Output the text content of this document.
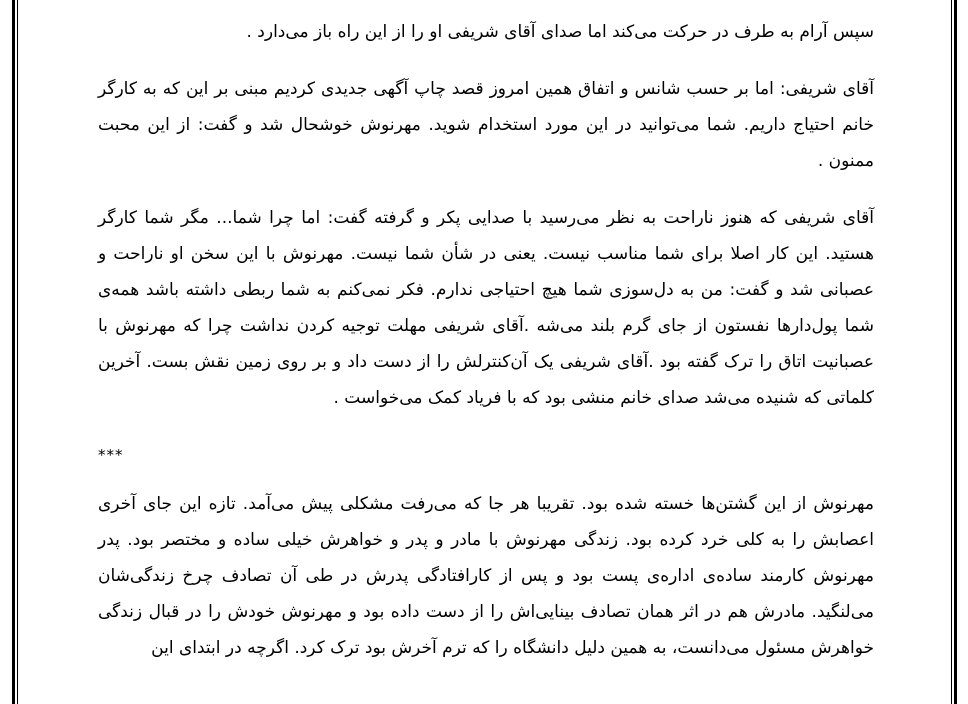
سپس آرام به طرف در حرکت می‌کند اما صدای آقای شریفی او را از این راه باز می‌دارد .

آقای شریفی: اما بر حسب شانس و اتفاق همین امروز قصد چاپ آگهی جدیدی کردیم مبنی بر این که به کارگر خانم احتیاج داریم. شما می‌توانید در این مورد استخدام شوید. مهرنوش خوشحال شد و گفت: از این محبت ممنون .

آقای شریفی که هنوز ناراحت به نظر می‌رسید با صدایی پکر و گرفته گفت: اما چرا شما... مگر شما کارگر هستید. این کار اصلا برای شما مناسب نیست. یعنی در شأن شما نیست. مهرنوش با این سخن او ناراحت و عصبانی شد و گفت: من به دل‌سوزی شما هیچ احتیاجی ندارم. فکر نمی‌کنم به شما ربطی داشته باشد همه‌ی شما پول‌دارها نفستون از جای گرم بلند می‌شه .آقای شریفی مهلت توجیه کردن نداشت چرا که مهرنوش با عصبانیت اتاق را ترک گفته بود .آقای شریفی یک آن‌کنترلش را از دست داد و بر روی زمین نقش بست. آخرین کلماتی که شنیده می‌شد صدای خانم منشی بود که با فریاد کمک می‌خواست .

***

مهرنوش از این گشتن‌ها خسته شده بود. تقریبا هر جا که می‌رفت مشکلی پیش می‌آمد. تازه این جای آخری اعصابش را به کلی خرد کرده بود. زندگی مهرنوش با مادر و پدر و خواهرش خیلی ساده و مختصر بود. پدر مهرنوش کارمند ساده‌ی اداره‌ی پست بود و پس از کارافتادگی پدرش در طی آن تصادف چرخ زندگی‌شان می‌لنگید. مادرش هم در اثر همان تصادف بینایی‌اش را از دست داده بود و مهرنوش خودش را در قبال زندگی خواهرش مسئول می‌دانست، به همین دلیل دانشگاه را که ترم آخرش بود ترک کرد. اگرچه در ابتدای این
